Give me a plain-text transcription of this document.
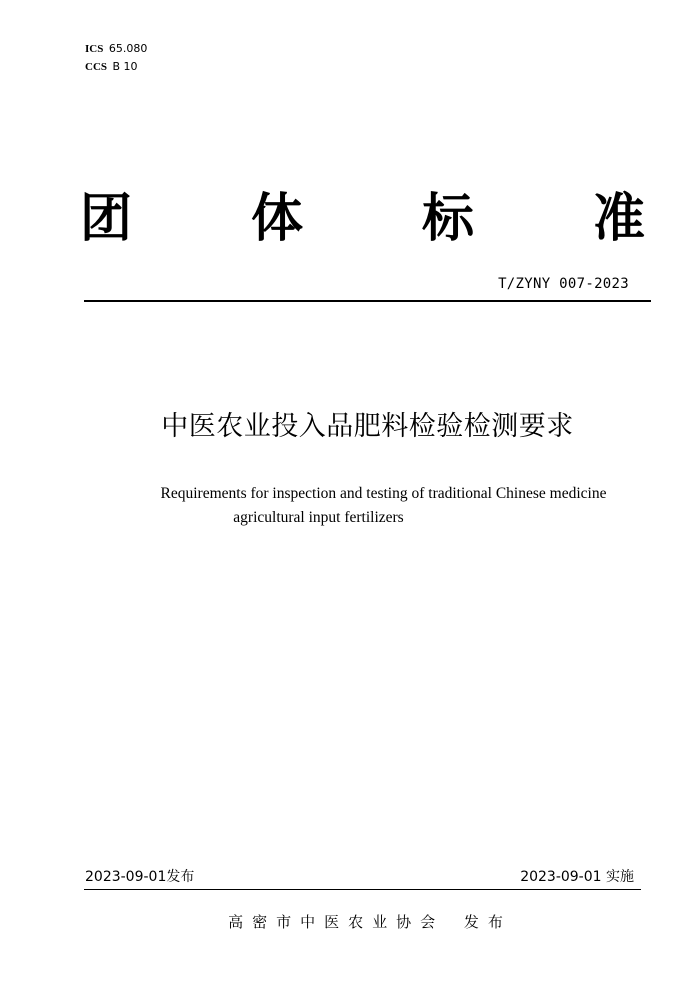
ICS 65.080
CCS B 10
团 体 标 准
T/ZYNY 007-2023
中医农业投入品肥料检验检测要求
Requirements for inspection and testing of traditional Chinese medicine
agricultural input fertilizers
2023-09-01发布	2023-09-01 实施
高密市中医农业协会 发布
